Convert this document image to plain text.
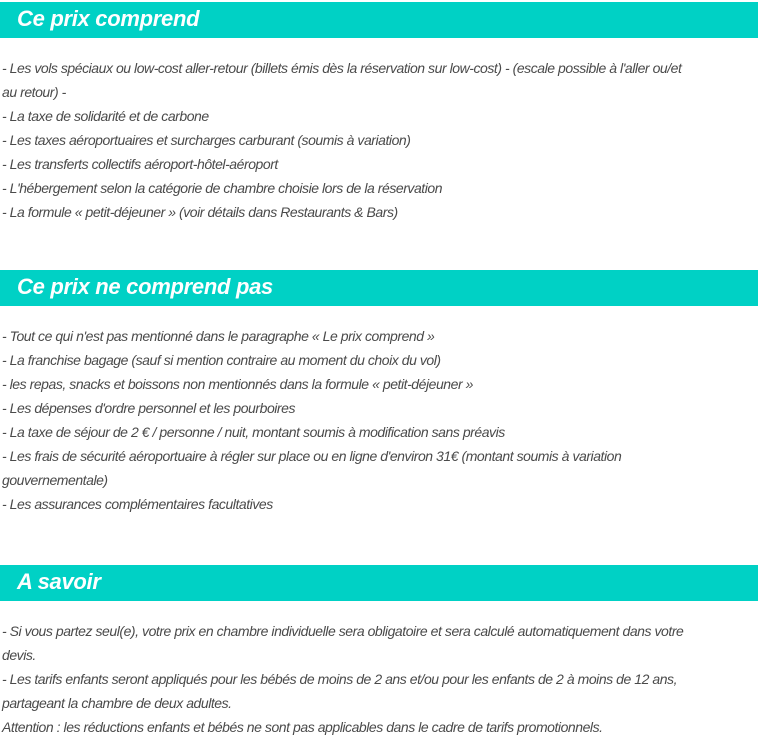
Ce prix comprend
- Les vols spéciaux ou low-cost aller-retour (billets émis dès la réservation sur low-cost) - (escale possible à l'aller ou/et
au retour) -
- La taxe de solidarité et de carbone
- Les taxes aéroportuaires et surcharges carburant (soumis à variation)
- Les transferts collectifs aéroport-hôtel-aéroport
- L'hébergement selon la catégorie de chambre choisie lors de la réservation
- La formule « petit-déjeuner » (voir détails dans Restaurants & Bars)
Ce prix ne comprend pas
- Tout ce qui n'est pas mentionné dans le paragraphe « Le prix comprend »
- La franchise bagage (sauf si mention contraire au moment du choix du vol)
- les repas, snacks et boissons non mentionnés dans la formule « petit-déjeuner »
- Les dépenses d'ordre personnel et les pourboires
- La taxe de séjour de 2 € / personne / nuit, montant soumis à modification sans préavis
- Les frais de sécurité aéroportuaire à régler sur place ou en ligne d'environ 31€ (montant soumis à variation
gouvernementale)
- Les assurances complémentaires facultatives
A savoir
- Si vous partez seul(e), votre prix en chambre individuelle sera obligatoire et sera calculé automatiquement dans votre
devis.
- Les tarifs enfants seront appliqués pour les bébés de moins de 2 ans et/ou pour les enfants de 2 à moins de 12 ans,
partageant la chambre de deux adultes.
Attention : les réductions enfants et bébés ne sont pas applicables dans le cadre de tarifs promotionnels.
